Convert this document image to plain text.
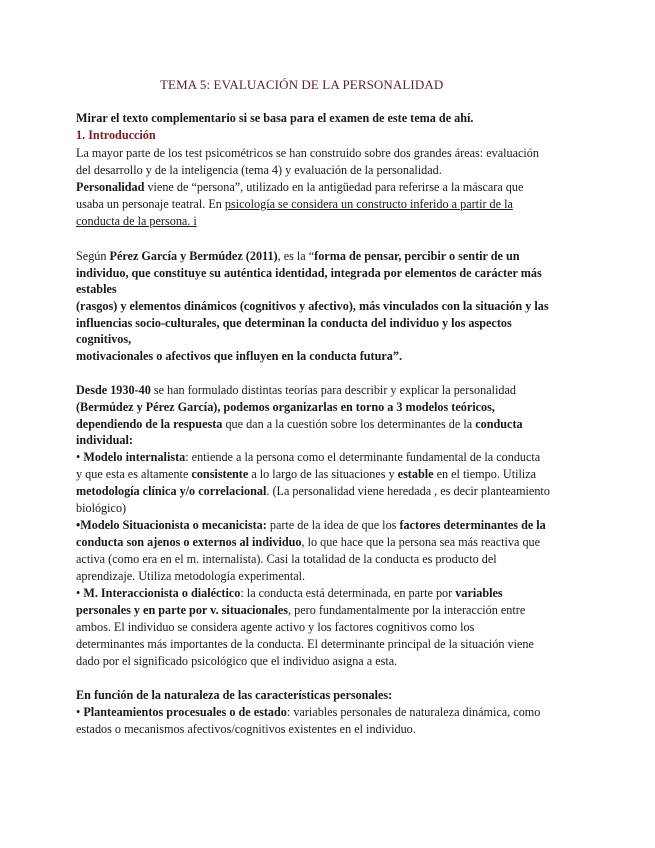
TEMA 5: EVALUACIÓN DE LA PERSONALIDAD
Mirar el texto complementario si se basa para el examen de este tema de ahí.
1. Introducción
La mayor parte de los test psicométricos se han construido sobre dos grandes áreas: evaluación
del desarrollo y de la inteligencia (tema 4) y evaluación de la personalidad.
Personalidad viene de “persona”, utilizado en la antigüedad para referirse a la máscara que
usaba un personaje teatral. En psicología se considera un constructo inferido a partir de la
conducta de la persona. i
Según Pérez García y Bermúdez (2011), es la “forma de pensar, percibir o sentir de un
individuo, que constituye su auténtica identidad, integrada por elementos de carácter más
estables
(rasgos) y elementos dinámicos (cognitivos y afectivo), más vinculados con la situación y las
influencias socio-culturales, que determinan la conducta del individuo y los aspectos
cognitivos,
motivacionales o afectivos que influyen en la conducta futura”.
Desde 1930-40 se han formulado distintas teorías para describir y explicar la personalidad
(Bermúdez y Pérez García), podemos organizarlas en torno a 3 modelos teóricos,
dependiendo de la respuesta que dan a la cuestión sobre los determinantes de la conducta
individual:
• Modelo internalista: entiende a la persona como el determinante fundamental de la conducta
y que esta es altamente consistente a lo largo de las situaciones y estable en el tiempo. Utiliza
metodología clínica y/o correlacional. (La personalidad viene heredada , es decir planteamiento
biológico)
•Modelo Situacionista o mecanicista: parte de la idea de que los factores determinantes de la
conducta son ajenos o externos al individuo, lo que hace que la persona sea más reactiva que
activa (como era en el m. internalista). Casi la totalidad de la conducta es producto del
aprendizaje. Utiliza metodología experimental.
• M. Interaccionista o dialéctico: la conducta está determinada, en parte por variables
personales y en parte por v. situacionales, pero fundamentalmente por la interacción entre
ambos. El individuo se considera agente activo y los factores cognitivos como los
determinantes más importantes de la conducta. El determinante principal de la situación viene
dado por el significado psicológico que el individuo asigna a esta.
En función de la naturaleza de las características personales:
• Planteamientos procesuales o de estado: variables personales de naturaleza dinámica, como
estados o mecanismos afectivos/cognitivos existentes en el individuo.
